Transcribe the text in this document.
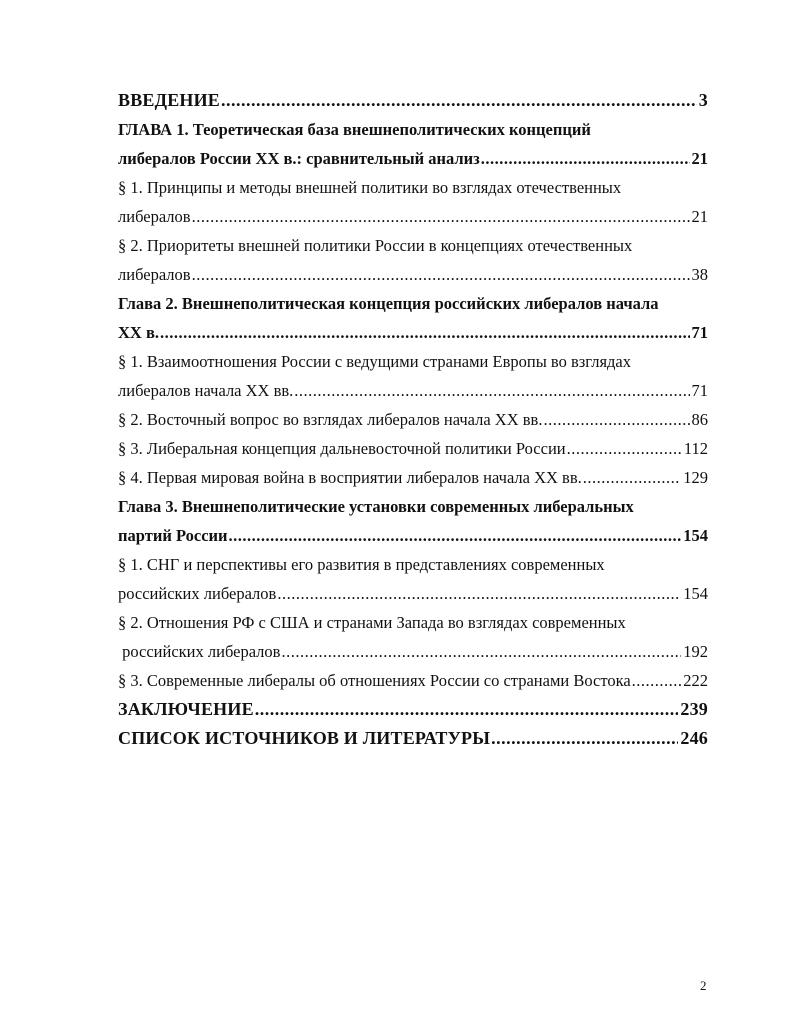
ВВЕДЕНИЕ .....	3
ГЛАВА 1. Теоретическая база внешнеполитических концепций
либералов России XX в.: сравнительный анализ .....	21
§ 1. Принципы и методы внешней политики во взглядах отечественных
либералов .....	21
§ 2. Приоритеты внешней политики России в концепциях отечественных
либералов .....	38
Глава 2. Внешнеполитическая концепция российских либералов начала
XX в. .....	71
§ 1. Взаимоотношения России с ведущими странами Европы во взглядах
либералов начала XX вв. .....	71
§ 2. Восточный вопрос во взглядах либералов начала XX вв. .....	86
§ 3. Либеральная концепция дальневосточной политики России .....	112
§ 4. Первая мировая война в восприятии либералов начала XX вв. .....	129
Глава 3. Внешнеполитические установки современных либеральных
партий России .....	154
§ 1. СНГ и перспективы его развития в представлениях современных
российских либералов .....	154
§ 2. Отношения РФ с США и странами Запада во взглядах современных
российских либералов .....	192
§ 3. Современные либералы об отношениях России со странами Востока .....	222
ЗАКЛЮЧЕНИЕ .....	239
СПИСОК ИСТОЧНИКОВ И ЛИТЕРАТУРЫ .....	246
2
